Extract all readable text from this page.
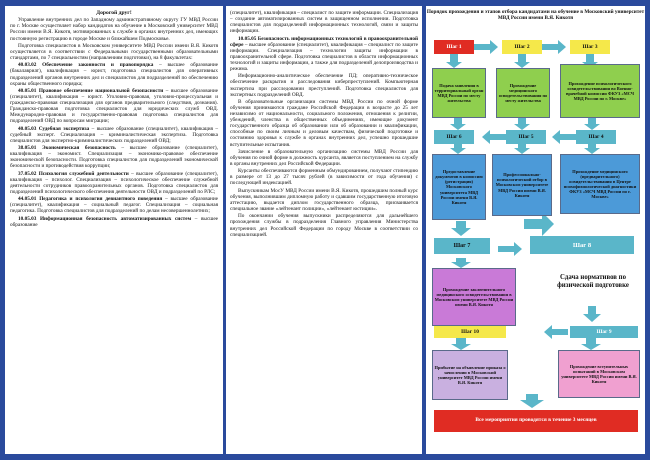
Дорогой друг!

Управление внутренних дел по Западному административному округу ГУ МВД России по г. Москве осуществляет набор кандидатов на обучение в Московский университет МВД России имени В.Я. Кикотя, мотивированных к службе в органах внутренних дел, имеющих постоянную регистрацию в городе Москве и ближайшем Подмосковье.

Подготовка специалистов в Московском университете МВД России имени В.Я. Кикотя осуществляется в соответствии с Федеральными государственными образовательными стандартами, по 7 специальностям (направлениям подготовки), на 8 факультетах:

40.03.02 Обеспечение законности и правопорядка – высшее образование (бакалавриат), квалификация – юрист, подготовка специалистов для оперативных подразделений органов внутренних дел и специалистов для подразделений по обеспечению охраны общественного порядка;

40.05.01 Правовое обеспечение национальной безопасности – высшее образование (специалитет), квалификация – юрист. Уголовно-правовая, уголовно-процессуальная и гражданско-правовая специализация для органов предварительного (следствия, дознания). Гражданско-правовая подготовка специалистов для юридических служб ОВД. Международно-правовая и государственно-правовая подготовка специалистов для подразделений ОВД по вопросам миграции;

40.05.03 Судебная экспертиза – высшее образование (специалитет), квалификация – судебный эксперт. Специализация – криминалистическая экспертиза. Подготовка специалистов для экспертно-криминалистических подразделений ОВД;

38.05.01 Экономическая безопасность – высшее образование (специалитет), квалификация – экономист. Специализация – экономико-правовое обеспечение экономической безопасности. Подготовка специалистов для подразделений экономической безопасности и противодействия коррупции;

37.05.02 Психология служебной деятельности – высшее образование (специалитет), квалификация – психолог. Специализация – психологическое обеспечение служебной деятельности сотрудников правоохранительных органов. Подготовка специалистов для подразделений психологического обеспечения деятельности ОВД и подразделений по РЛС;

44.05.01 Педагогика и психология девиантного поведения – высшее образование (специалитет), квалификация – социальный педагог. Специализация – социальная педагогика. Подготовка специалистов для подразделений по делам несовершеннолетних;

10.05.03 Информационная безопасность автоматизированных систем – высшее образование

(специалитет), квалификация – специалист по защите информации. Специализация – создание автоматизированных систем в защищенном исполнении. Подготовка специалистов для подразделений информационных технологий, связи и защиты информации.

10.05.05 Безопасность информационных технологий в правоохранительной сфере – высшее образование (специалитет), квалификация – специалист по защите информации. Специализация – технологии защиты информации в правоохранительной сфере. Подготовка специалистов в области информационных технологий и защиты информации, а также для подразделений делопроизводства и режима.

Информационно-аналитическое обеспечение ПД; оперативно-техническое обеспечение раскрытия и расследования киберпреступлений. Компьютерная экспертиза при расследовании преступлений. Подготовка специалистов для экспертных подразделений ОВД.

В образовательные организации системы МВД России по очной форме обучения принимаются граждане Российской Федерации в возрасте до 25 лет независимо от национальности, социального положения, отношения к религии, убеждений, членства в общественных объединениях, имеющие документ государственного образца об образовании или об образовании и квалификации, способные по своим личным и деловым качествам, физической подготовке и состоянию здоровья к службе в органах внутренних дел, успешно прошедшие вступительные испытания.

Зачисление в образовательную организацию системы МВД России для обучения по очной форме в должность курсанта, является поступлением на службу в органы внутренних дел Российской Федерации.

Курсанты обеспечиваются форменным обмундированием, получают стипендию в размере от 13 до 27 тысяч рублей (в зависимости от года обучения) с последующей индексацией.

Выпускникам МосУ МВД России имени В.Я. Кикотя, прошедшим полный курс обучения, выполнившим дипломную работу и сдавшим государственную итоговую аттестацию, выдается диплом государственного образца, присваивается специальное звание «лейтенант полиции», «лейтенант юстиции».

По окончании обучения выпускники распределяются для дальнейшего прохождения службы в подразделения Главного управления Министерства внутренних дел Российской Федерации по городу Москве в соответствии со специализацией.

Порядок прохождения и этапов отбора кандидатами на обучение в Московский университет МВД России имени В.Я. Кикотя
Шаг 1	Шаг 2	Шаг 3
Подача заявления в территориальный орган МВД России по месту жительства
Прохождение медицинского освидетельствования по месту жительства
Прохождение психологического освидетельствования во Военно-врачебной комиссии ФКУЗ «МСЧ МВД России по г. Москве»
Шаг 6	Шаг 5	Шаг 4
Предоставление документов в комиссию (регистрация) Московского университета МВД России имени В.Я. Кикотя
Профессионально-психологический отбор в Московском университете МВД России имени В.Я. Кикотя
Прохождение медицинского (предварительного) освидетельствования в Центре психофизиологической диагностики ФКУЗ «МСЧ МВД России по г. Москве»
Шаг 7	Шаг 8
Прохождение заключительного медицинского освидетельствования в Московском университете МВД России имени В.Я. Кикотя
Сдача нормативов по физической подготовке
Шаг 10	Шаг 9
Прибытие на объявление приказа о зачислении в Московский университет МВД России имени В.Я. Кикотя
Прохождение вступительных испытаний в Московском университете МВД России имени В.Я. Кикотя
Все мероприятия проводятся в течение 3 месяцев
